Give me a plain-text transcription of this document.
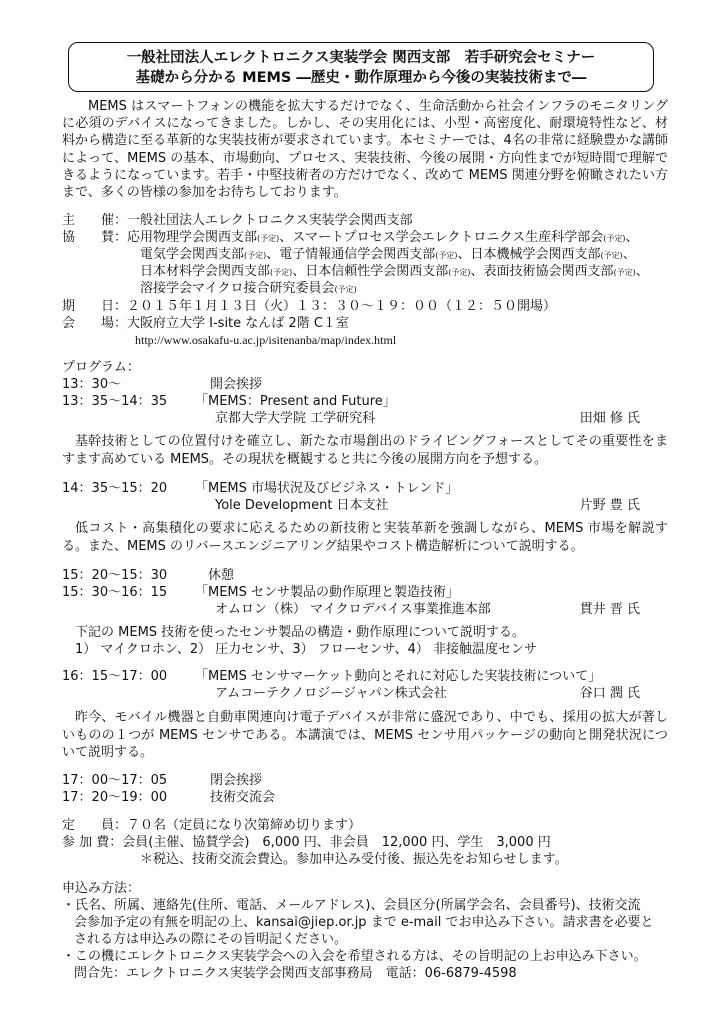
一般社団法人エレクトロニクス実装学会 関西支部　若手研究会セミナー
基礎から分かる MEMS ―歴史・動作原理から今後の実装技術まで―
MEMS はスマートフォンの機能を拡大するだけでなく、生命活動から社会インフラのモニタリングに必須のデバイスになってきました。しかし、その実用化には、小型・高密度化、耐環境特性など、材料から構造に至る革新的な実装技術が要求されています。本セミナーでは、4名の非常に経験豊かな講師によって、MEMS の基本、市場動向、プロセス、実装技術、今後の展開・方向性までが短時間で理解できるようになっています。若手・中堅技術者の方だけでなく、改めて MEMS 関連分野を俯瞰されたい方まで、多くの皆様の参加をお待ちしております。
主　　催：一般社団法人エレクトロニクス実装学会関西支部
協　　賛：応用物理学会関西支部(予定)、スマートプロセス学会エレクトロニクス生産科学部会(予定)、
電気学会関西支部(予定)、電子情報通信学会関西支部(予定)、日本機械学会関西支部(予定)、
日本材料学会関西支部(予定)、日本信頼性学会関西支部(予定)、表面技術協会関西支部(予定)、
溶接学会マイクロ接合研究委員会(予定)
期　　日：２０１５年１月１３日（火）１３：３０～１９：００（１２：５０開場）
会　　場：大阪府立大学 I-site なんば 2階 C１室
http://www.osakafu-u.ac.jp/isitenanba/map/index.html
プログラム：
13：30～	開会挨拶
13：35～14：35 「MEMS：Present and Future」
京都大学大学院 工学研究科	田畑 修 氏
基幹技術としての位置付けを確立し、新たな市場創出のドライビングフォースとしてその重要性をますます高めている MEMS。その現状を概観すると共に今後の展開方向を予想する。
14：35～15：20 「MEMS 市場状況及びビジネス・トレンド」
Yole Development 日本支社	片野 豊 氏
低コスト・高集積化の要求に応えるための新技術と実装革新を強調しながら、MEMS 市場を解説する。また、MEMS のリバースエンジニアリング結果やコスト構造解析について説明する。
15：20～15：30	休憩
15：30～16：15 「MEMS センサ製品の動作原理と製造技術」
オムロン（株） マイクロデバイス事業推進本部	貫井 晋 氏
下記の MEMS 技術を使ったセンサ製品の構造・動作原理について説明する。
1） マイクロホン、2） 圧力センサ、3） フローセンサ、4） 非接触温度センサ
16：15～17：00 「MEMS センサマーケット動向とそれに対応した実装技術について」
アムコーテクノロジージャパン株式会社	谷口 潤 氏
昨今、モバイル機器と自動車関連向け電子デバイスが非常に盛況であり、中でも、採用の拡大が著しいものの１つが MEMS センサである。本講演では、MEMS センサ用パッケージの動向と開発状況について説明する。
17：00～17：05	閉会挨拶
17：20～19：00	技術交流会
定　　員：７０名（定員になり次第締め切ります）
参 加 費：会員(主催、協賛学会)　6,000 円、非会員　12,000 円、学生　3,000 円
＊税込、技術交流会費込。参加申込み受付後、振込先をお知らせします。
申込み方法：
・氏名、所属、連絡先(住所、電話、メールアドレス)、会員区分(所属学会名、会員番号)、技術交流
会参加予定の有無を明記の上、kansai@jiep.or.jp まで e-mail でお申込み下さい。請求書を必要と
される方は申込みの際にその旨明記ください。
・この機にエレクトロニクス実装学会への入会を希望される方は、その旨明記の上お申込み下さい。
問合先：エレクトロニクス実装学会関西支部事務局　電話：06-6879-4598
